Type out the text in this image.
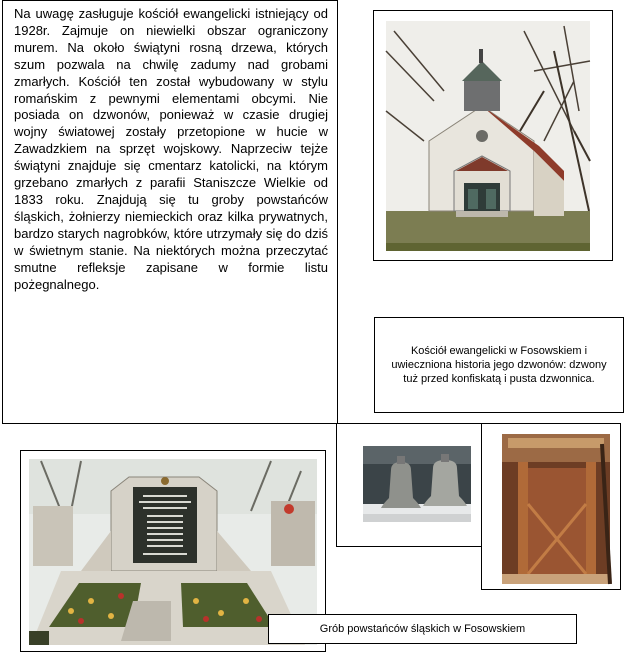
Na uwagę zasługuje kościół ewangelicki istniejący od 1928r. Zajmuje on niewielki obszar ograniczony murem. Na około świątyni rosną drzewa, których szum pozwala na chwilę zadumy nad grobami zmarłych. Kościół ten został wybudowany w stylu romańskim z pewnymi elementami obcymi. Nie posiada on dzwonów, ponieważ w czasie drugiej wojny światowej zostały przetopione w hucie w Zawadzkiem na sprzęt wojskowy. Naprzeciw tejże świątyni znajduje się cmentarz katolicki, na którym grzebano zmarłych z parafii Staniszcze Wielkie od 1833 roku. Znajdują się tu groby powstańców śląskich, żołnierzy niemieckich oraz kilka prywatnych, bardzo starych nagrobków, które utrzymały się do dziś w świetnym stanie. Na niektórych można przeczytać smutne refleksje zapisane w formie listu pożegnalnego.

Kościół ewangelicki w Fosowskiem i uwieczniona historia jego dzwonów: dzwony tuż przed konfiskatą i pusta dzwonnica.
Grób powstańców śląskich w Fosowskiem
